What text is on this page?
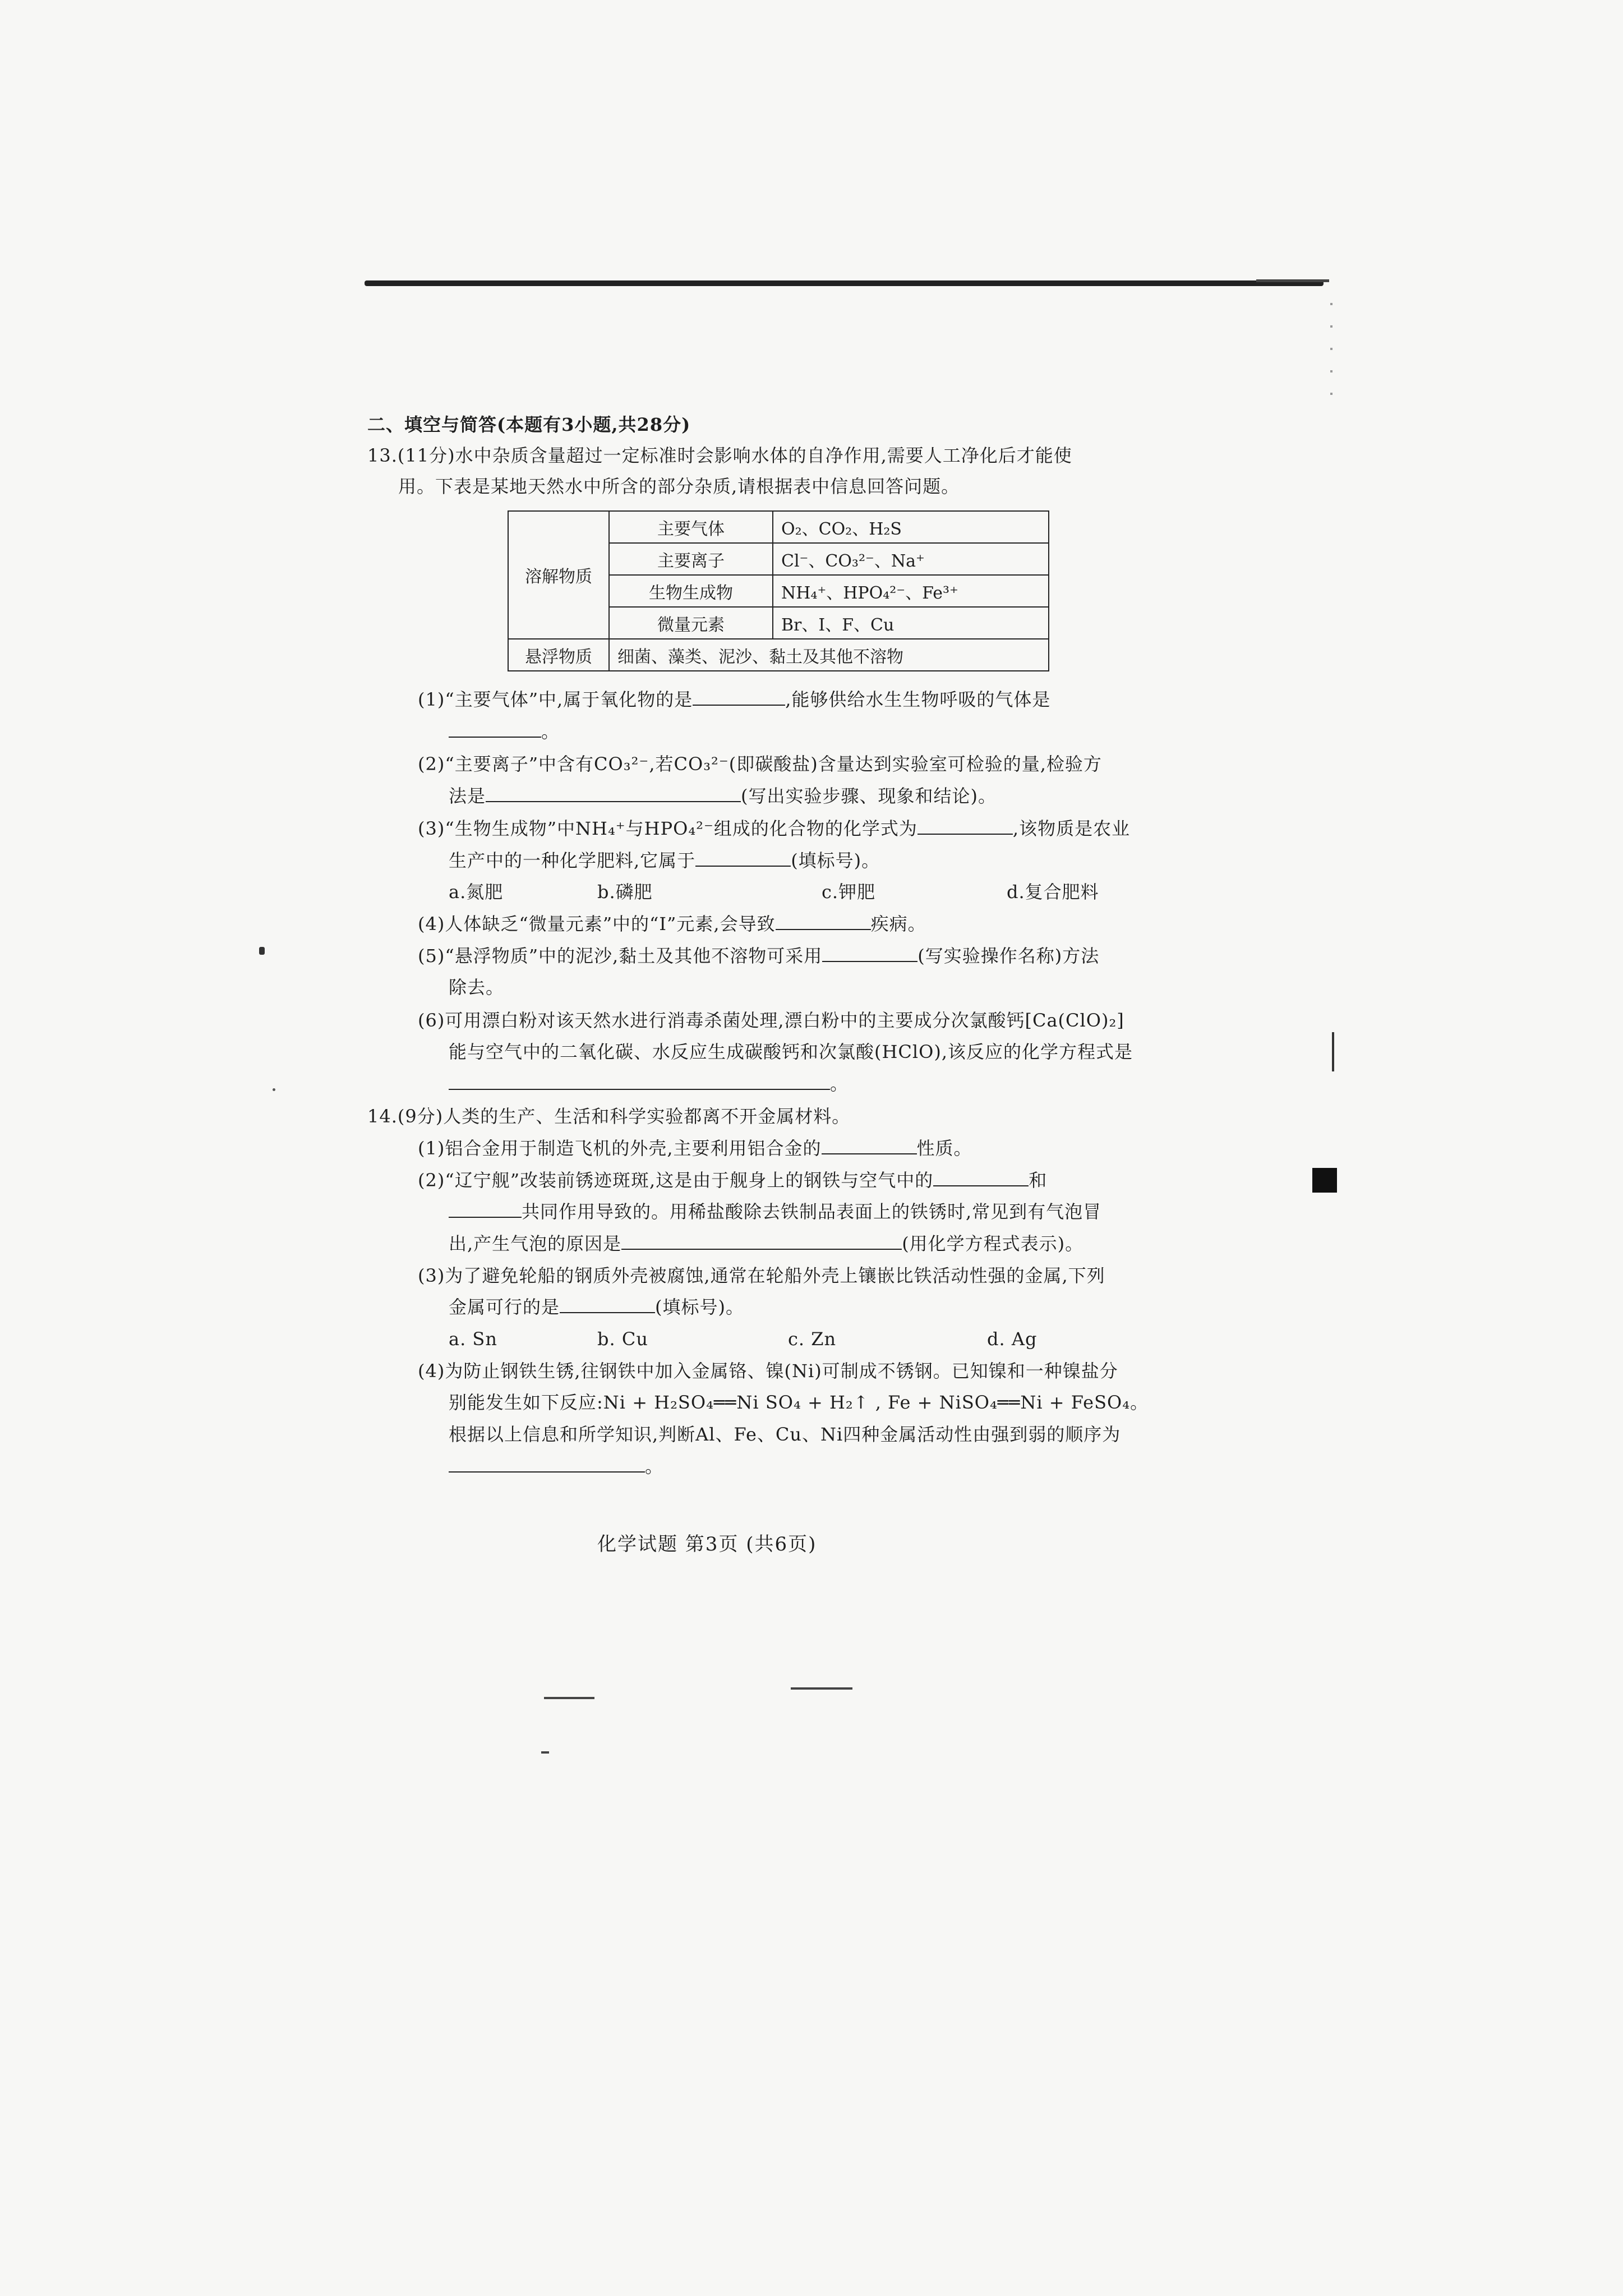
二、填空与简答(本题有3小题,共28分)
13.(11分)水中杂质含量超过一定标准时会影响水体的自净作用,需要人工净化后才能使
用。下表是某地天然水中所含的部分杂质,请根据表中信息回答问题。
溶解物质	主要气体	O₂、CO₂、H₂S
	主要离子	Cl⁻、CO₃²⁻、Na⁺
	生物生成物	NH₄⁺、HPO₄²⁻、Fe³⁺
	微量元素	Br、I、F、Cu
悬浮物质	细菌、藻类、泥沙、黏土及其他不溶物	
(1)“主要气体”中,属于氧化物的是	,能够供给水生生物呼吸的气体是
。
(2)“主要离子”中含有CO₃²⁻,若CO₃²⁻(即碳酸盐)含量达到实验室可检验的量,检验方
法是	(写出实验步骤、现象和结论)。
(3)“生物生成物”中NH₄⁺与HPO₄²⁻组成的化合物的化学式为	,该物质是农业
生产中的一种化学肥料,它属于	(填标号)。
a.氮肥	b.磷肥	c.钾肥	d.复合肥料
(4)人体缺乏“微量元素”中的“I”元素,会导致	疾病。
(5)“悬浮物质”中的泥沙,黏土及其他不溶物可采用	(写实验操作名称)方法
除去。
(6)可用漂白粉对该天然水进行消毒杀菌处理,漂白粉中的主要成分次氯酸钙[Ca(ClO)₂]
能与空气中的二氧化碳、水反应生成碳酸钙和次氯酸(HClO),该反应的化学方程式是
。
14.(9分)人类的生产、生活和科学实验都离不开金属材料。
(1)铝合金用于制造飞机的外壳,主要利用铝合金的	性质。
(2)“辽宁舰”改装前锈迹斑斑,这是由于舰身上的钢铁与空气中的	和
共同作用导致的。用稀盐酸除去铁制品表面上的铁锈时,常见到有气泡冒
出,产生气泡的原因是	(用化学方程式表示)。
(3)为了避免轮船的钢质外壳被腐蚀,通常在轮船外壳上镶嵌比铁活动性强的金属,下列
金属可行的是	(填标号)。
a. Sn	b. Cu	c. Zn	d. Ag
(4)为防止钢铁生锈,往钢铁中加入金属铬、镍(Ni)可制成不锈钢。已知镍和一种镍盐分
别能发生如下反应:Ni + H₂SO₄══Ni SO₄ + H₂↑ , Fe + NiSO₄══Ni + FeSO₄。
根据以上信息和所学知识,判断Al、Fe、Cu、Ni四种金属活动性由强到弱的顺序为
。
化学试题 第3页 (共6页)
